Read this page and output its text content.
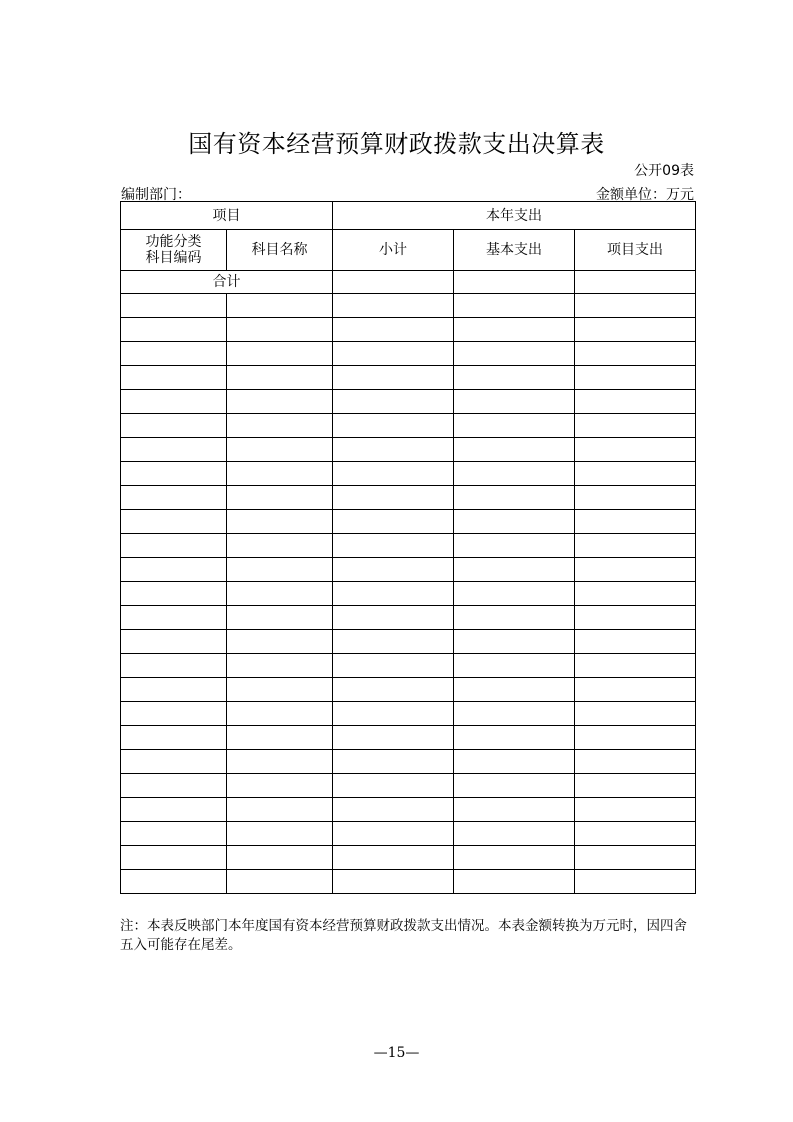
国有资本经营预算财政拨款支出决算表
公开09表
编制部门：	金额单位：万元
项目		本年支出		
功能分类
科目编码	科目名称	小计	基本支出	项目支出
合计				

注：本表反映部门本年度国有资本经营预算财政拨款支出情况。本表金额转换为万元时，因四舍五入可能存在尾差。
—15—
